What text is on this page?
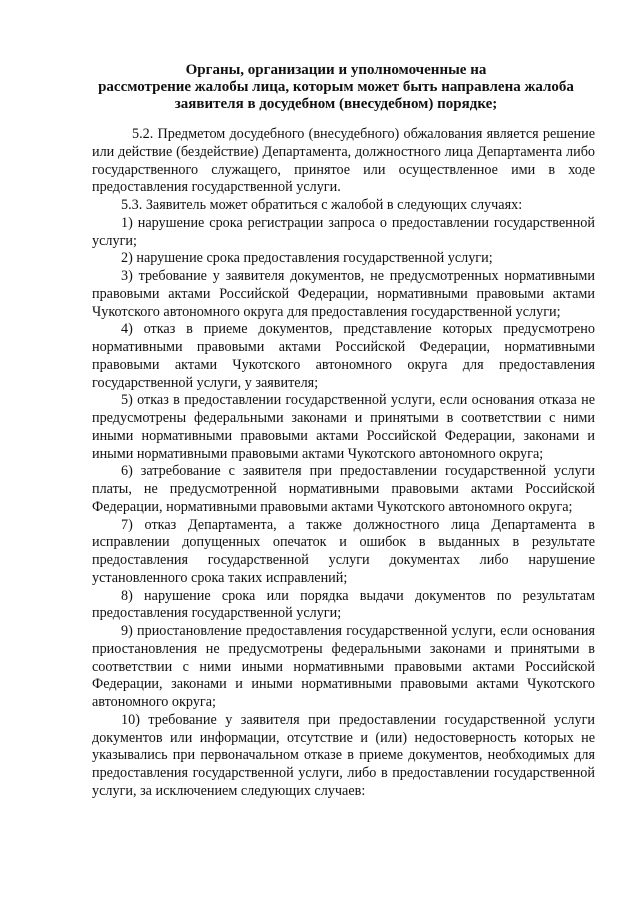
Органы, организации и уполномоченные на
рассмотрение жалобы лица, которым может быть направлена жалоба
заявителя в досудебном (внесудебном) порядке;

5.2. Предметом досудебного (внесудебного) обжалования является решение или действие (бездействие) Департамента, должностного лица Департамента либо государственного служащего, принятое или осуществленное ими в ходе предоставления государственной услуги.

5.3. Заявитель может обратиться с жалобой в следующих случаях:

1) нарушение срока регистрации запроса о предоставлении государственной услуги;

2) нарушение срока предоставления государственной услуги;

3) требование у заявителя документов, не предусмотренных нормативными правовыми актами Российской Федерации, нормативными правовыми актами Чукотского автономного округа для предоставления государственной услуги;

4) отказ в приеме документов, представление которых предусмотрено нормативными правовыми актами Российской Федерации, нормативными правовыми актами Чукотского автономного округа для предоставления государственной услуги, у заявителя;

5) отказ в предоставлении государственной услуги, если основания отказа не предусмотрены федеральными законами и принятыми в соответствии с ними иными нормативными правовыми актами Российской Федерации, законами и иными нормативными правовыми актами Чукотского автономного округа;

6) затребование с заявителя при предоставлении государственной услуги платы, не предусмотренной нормативными правовыми актами Российской Федерации, нормативными правовыми актами Чукотского автономного округа;

7) отказ Департамента, а также должностного лица Департамента в исправлении допущенных опечаток и ошибок в выданных в результате предоставления государственной услуги документах либо нарушение установленного срока таких исправлений;

8) нарушение срока или порядка выдачи документов по результатам предоставления государственной услуги;

9) приостановление предоставления государственной услуги, если основания приостановления не предусмотрены федеральными законами и принятыми в соответствии с ними иными нормативными правовыми актами Российской Федерации, законами и иными нормативными правовыми актами Чукотского автономного округа;

10) требование у заявителя при предоставлении государственной услуги документов или информации, отсутствие и (или) недостоверность которых не указывались при первоначальном отказе в приеме документов, необходимых для предоставления государственной услуги, либо в предоставлении государственной услуги, за исключением следующих случаев:
